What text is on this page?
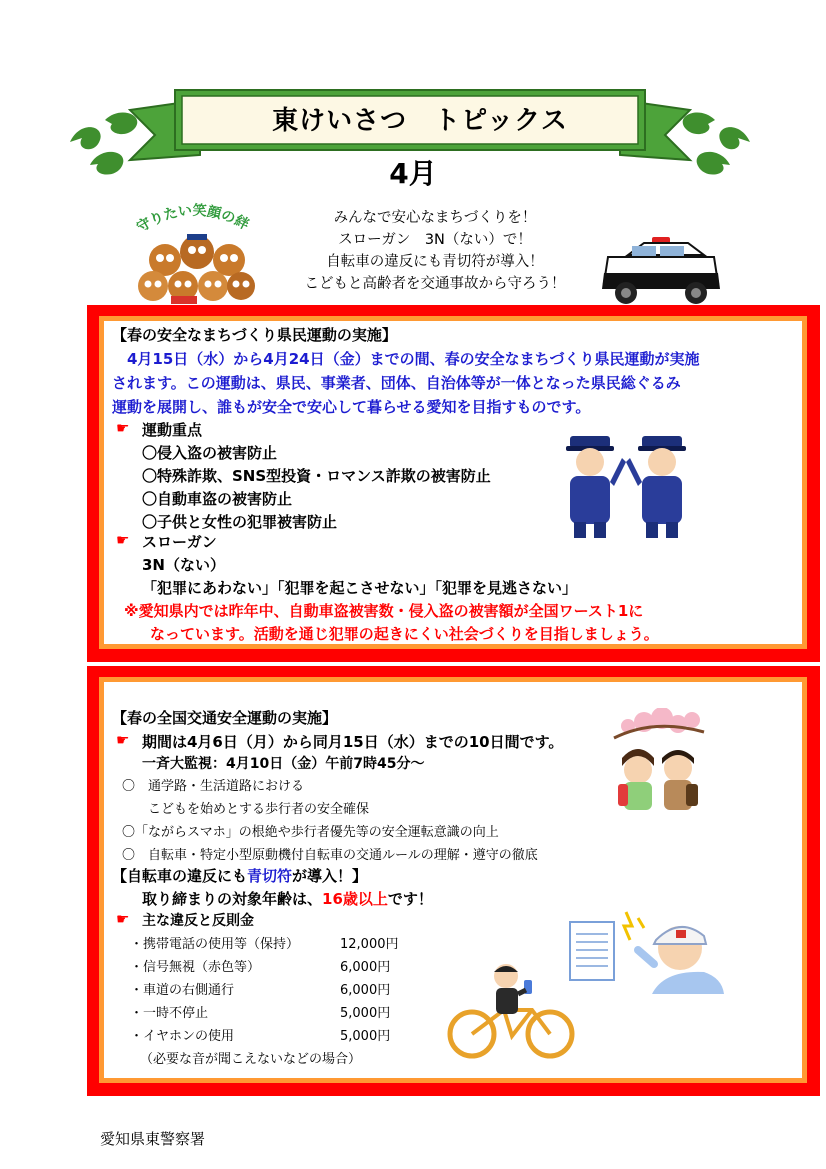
東けいさつ　トピックス
4月
守りたい笑顔の絆	みんなで安心なまちづくりを！
スローガン　3N（ない）で！
自転車の違反にも青切符が導入！
こどもと高齢者を交通事故から守ろう！
【春の安全なまちづくり県民運動の実施】
　4月15日（水）から4月24日（金）までの間、春の安全なまちづくり県民運動が実施
されます。この運動は、県民、事業者、団体、自治体等が一体となった県民総ぐるみ
運動を展開し、誰もが安全で安心して暮らせる愛知を目指すものです。
☛ 運動重点
〇侵入盗の被害防止
〇特殊詐欺、SNS型投資・ロマンス詐欺の被害防止
〇自動車盗の被害防止
〇子供と女性の犯罪被害防止
☛ スローガン
3N（ない）
「犯罪にあわない」「犯罪を起こさせない」「犯罪を見逃さない」
※愛知県内では昨年中、自動車盗被害数・侵入盗の被害額が全国ワースト1に
なっています。活動を通じ犯罪の起きにくい社会づくりを目指しましょう。
【春の全国交通安全運動の実施】
☛ 期間は4月6日（月）から同月15日（水）までの10日間です。
一斉大監視：4月10日（金）午前7時45分～
〇　通学路・生活道路における
　　こどもを始めとする歩行者の安全確保
〇「ながらスマホ」の根絶や歩行者優先等の安全運転意識の向上
〇　自転車・特定小型原動機付自転車の交通ルールの理解・遵守の徹底
【自転車の違反にも青切符が導入！】
取り締まりの対象年齢は、16歳以上です！
☛ 主な違反と反則金
・携帯電話の使用等（保持）	12,000円
・信号無視（赤色等）	6,000円
・車道の右側通行	6,000円
・一時不停止	5,000円
・イヤホンの使用	5,000円
（必要な音が聞こえないなどの場合）
愛知県東警察署
